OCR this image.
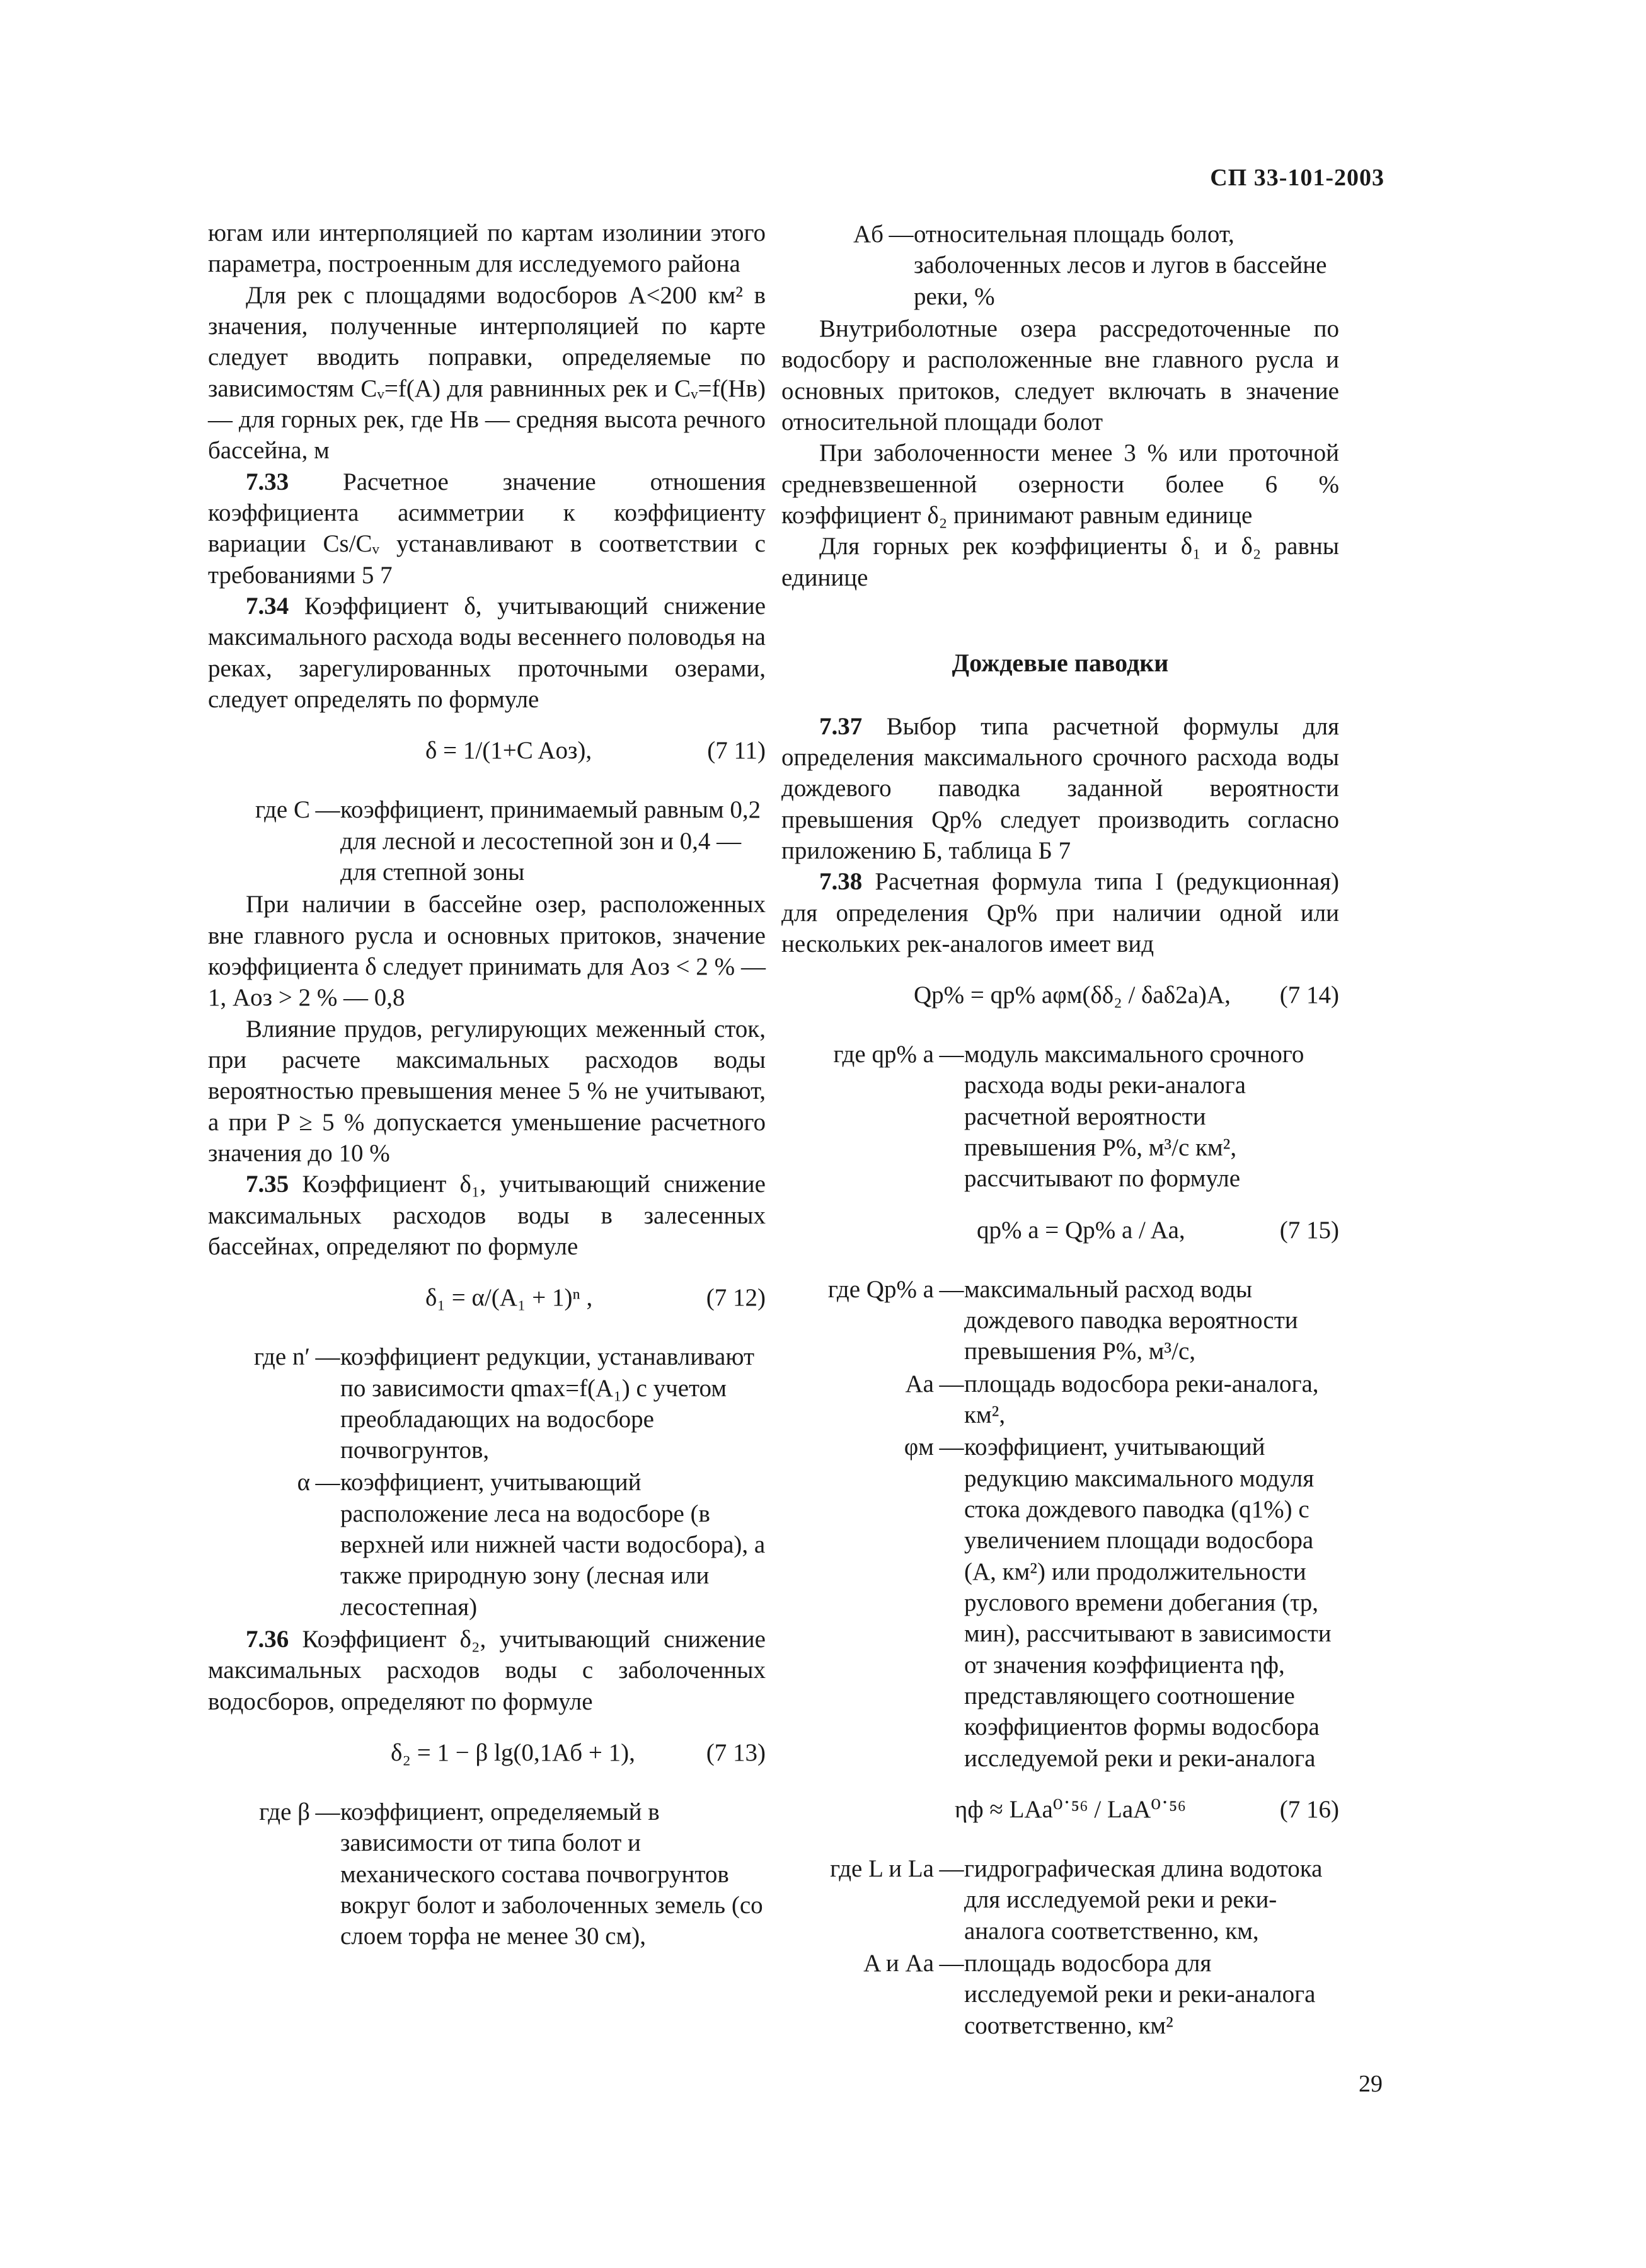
СП 33-101-2003

югам или интерполяцией по картам изолинии этого параметра, построенным для исследуемого района

Для рек с площадями водосборов А<200 км² в значения, полученные интерполяцией по карте следует вводить поправки, определяемые по зависимостям Cᵥ=f(A) для равнинных рек и Cᵥ=f(Hв) — для горных рек, где Hв — средняя высота речного бассейна, м

7.33 Расчетное значение отношения коэффициента асимметрии к коэффициенту вариации Cs/Cᵥ устанавливают в соответствии с требованиями 5 7

7.34 Коэффициент δ, учитывающий снижение максимального расхода воды весеннего половодья на реках, зарегулированных проточными озерами, следует определять по формуле

δ = 1/(1+C Aоз),	(7 11)
где C — коэффициент, принимаемый равным 0,2 для лесной и лесостепной зон и 0,4 — для степной зоны

При наличии в бассейне озер, расположенных вне главного русла и основных притоков, значение коэффициента δ следует принимать для Aоз < 2 % — 1, Aоз > 2 % — 0,8

Влияние прудов, регулирующих меженный сток, при расчете максимальных расходов воды вероятностью превышения менее 5 % не учитывают, а при P ≥ 5 % допускается уменьшение расчетного значения до 10 %

7.35 Коэффициент δ₁, учитывающий снижение максимальных расходов воды в залесенных бассейнах, определяют по формуле

δ₁ = α/(A₁ + 1)ⁿ ,	(7 12)
где n′ — коэффициент редукции, устанавливают по зависимости qmax=f(A₁) с учетом преобладающих на водосборе почвогрунтов,
α — коэффициент, учитывающий расположение леса на водосборе (в верхней или нижней части водосбора), а также природную зону (лесная или лесостепная)

7.36 Коэффициент δ₂, учитывающий снижение максимальных расходов воды с заболоченных водосборов, определяют по формуле

δ₂ = 1 − β lg(0,1Aб + 1),	(7 13)
где β — коэффициент, определяемый в зависимости от типа болот и механического состава почвогрунтов вокруг болот и заболоченных земель (со слоем торфа не менее 30 см),
Aб — относительная площадь болот, заболоченных лесов и лугов в бассейне реки, %

Внутриболотные озера рассредоточенные по водосбору и расположенные вне главного русла и основных притоков, следует включать в значение относительной площади болот

При заболоченности менее 3 % или проточной средневзвешенной озерности более 6 % коэффициент δ₂ принимают равным единице

Для горных рек коэффициенты δ₁ и δ₂ равны единице

Дождевые паводки

7.37 Выбор типа расчетной формулы для определения максимального срочного расхода воды дождевого паводка заданной вероятности превышения Qp% следует производить согласно приложению Б, таблица Б 7

7.38 Расчетная формула типа I (редукционная) для определения Qp% при наличии одной или нескольких рек-аналогов имеет вид

Qp% = qp% aφм(δδ₂ / δaδ2a)A, (7 14)
где qp% a — модуль максимального срочного расхода воды реки-аналога расчетной вероятности превышения P%, м³/с км², рассчитывают по формуле
qp% a = Qp% a / Aa,	(7 15)
где Qp% a — максимальный расход воды дождевого паводка вероятности превышения P%, м³/с,
Aa — площадь водосбора реки-аналога, км²,
φм — коэффициент, учитывающий редукцию максимального модуля стока дождевого паводка (q1%) с увеличением площади водосбора (A, км²) или продолжительности руслового времени добегания (τр, мин), рассчитывают в зависимости от значения коэффициента ηф, представляющего соотношение коэффициентов формы водосбора исследуемой реки и реки-аналога
ηф ≈ LAa⁰˙⁵⁶ / LaA⁰˙⁵⁶	(7 16)
где L и La — гидрографическая длина водотока для исследуемой реки и реки-аналога соответственно, км,
A и Aa — площадь водосбора для исследуемой реки и реки-аналога соответственно, км²
29
